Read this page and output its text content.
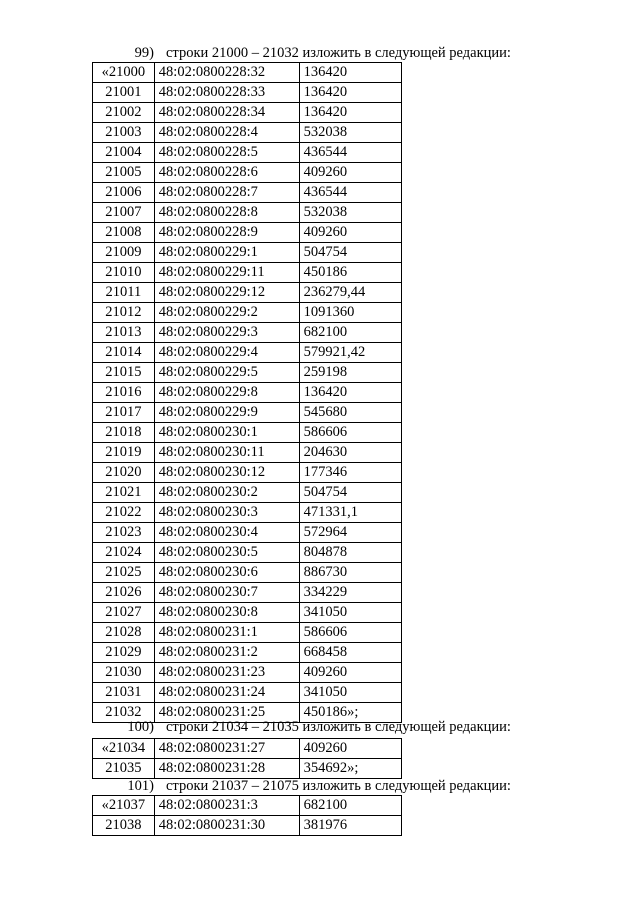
99) строки 21000 – 21032 изложить в следующей редакции:
«21000	48:02:0800228:32	136420
21001	48:02:0800228:33	136420
21002	48:02:0800228:34	136420
21003	48:02:0800228:4	532038
21004	48:02:0800228:5	436544
21005	48:02:0800228:6	409260
21006	48:02:0800228:7	436544
21007	48:02:0800228:8	532038
21008	48:02:0800228:9	409260
21009	48:02:0800229:1	504754
21010	48:02:0800229:11	450186
21011	48:02:0800229:12	236279,44
21012	48:02:0800229:2	1091360
21013	48:02:0800229:3	682100
21014	48:02:0800229:4	579921,42
21015	48:02:0800229:5	259198
21016	48:02:0800229:8	136420
21017	48:02:0800229:9	545680
21018	48:02:0800230:1	586606
21019	48:02:0800230:11	204630
21020	48:02:0800230:12	177346
21021	48:02:0800230:2	504754
21022	48:02:0800230:3	471331,1
21023	48:02:0800230:4	572964
21024	48:02:0800230:5	804878
21025	48:02:0800230:6	886730
21026	48:02:0800230:7	334229
21027	48:02:0800230:8	341050
21028	48:02:0800231:1	586606
21029	48:02:0800231:2	668458
21030	48:02:0800231:23	409260
21031	48:02:0800231:24	341050
21032	48:02:0800231:25	450186»;
100) строки 21034 – 21035 изложить в следующей редакции:
«21034	48:02:0800231:27	409260
21035	48:02:0800231:28	354692»;
101) строки 21037 – 21075 изложить в следующей редакции:
«21037	48:02:0800231:3	682100
21038	48:02:0800231:30	381976
